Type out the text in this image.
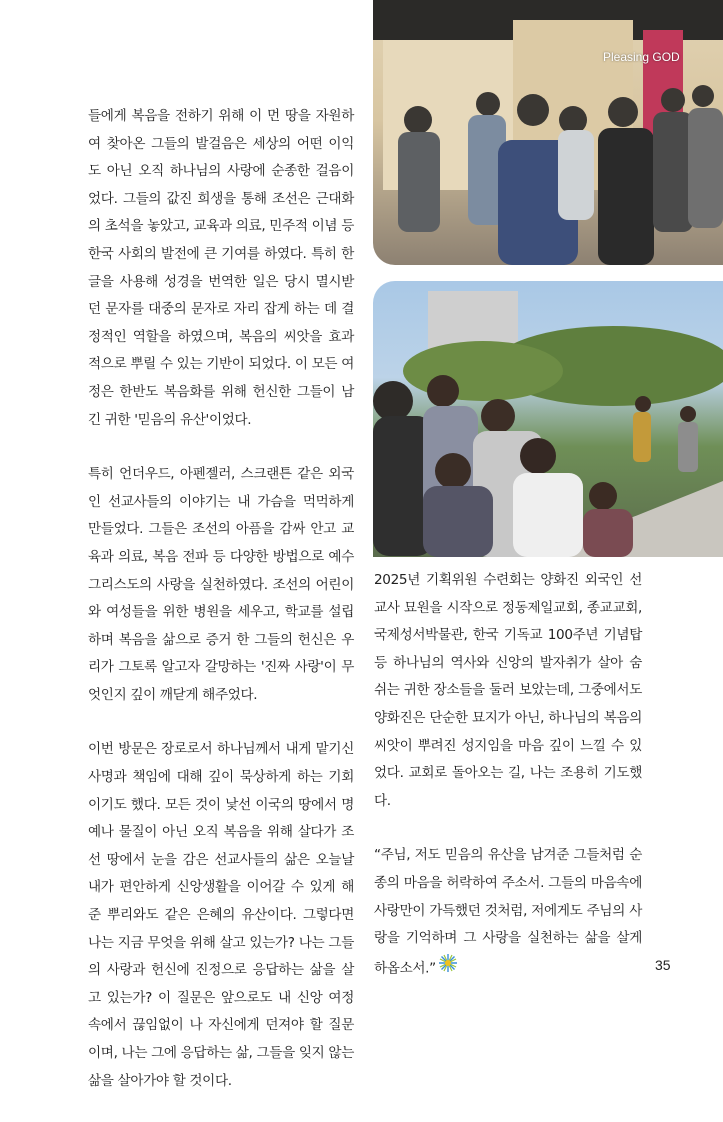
들에게 복음을 전하기 위해 이 먼 땅을 자원하여 찾아온 그들의 발걸음은 세상의 어떤 이익도 아닌 오직 하나님의 사랑에 순종한 걸음이었다. 그들의 값진 희생을 통해 조선은 근대화의 초석을 놓았고, 교육과 의료, 민주적 이념 등 한국 사회의 발전에 큰 기여를 하였다. 특히 한글을 사용해 성경을 번역한 일은 당시 멸시받던 문자를 대중의 문자로 자리 잡게 하는 데 결정적인 역할을 하였으며, 복음의 씨앗을 효과적으로 뿌릴 수 있는 기반이 되었다. 이 모든 여정은 한반도 복음화를 위해 헌신한 그들이 남긴 귀한 '믿음의 유산'이었다.

특히 언더우드, 아펜젤러, 스크랜튼 같은 외국인 선교사들의 이야기는 내 가슴을 먹먹하게 만들었다. 그들은 조선의 아픔을 감싸 안고 교육과 의료, 복음 전파 등 다양한 방법으로 예수 그리스도의 사랑을 실천하였다. 조선의 어린이와 여성들을 위한 병원을 세우고, 학교를 설립하며 복음을 삶으로 증거 한 그들의 헌신은 우리가 그토록 알고자 갈망하는 '진짜 사랑'이 무엇인지 깊이 깨닫게 해주었다.

이번 방문은 장로로서 하나님께서 내게 맡기신 사명과 책임에 대해 깊이 묵상하게 하는 기회이기도 했다. 모든 것이 낯선 이국의 땅에서 명예나 물질이 아닌 오직 복음을 위해 살다가 조선 땅에서 눈을 감은 선교사들의 삶은 오늘날 내가 편안하게 신앙생활을 이어갈 수 있게 해준 뿌리와도 같은 은혜의 유산이다. 그렇다면 나는 지금 무엇을 위해 살고 있는가? 나는 그들의 사랑과 헌신에 진정으로 응답하는 삶을 살고 있는가? 이 질문은 앞으로도 내 신앙 여정 속에서 끊임없이 나 자신에게 던져야 할 질문이며, 나는 그에 응답하는 삶, 그들을 잊지 않는 삶을 살아가야 할 것이다.

Pleasing GOD

2025년 기획위원 수련회는 양화진 외국인 선교사 묘원을 시작으로 정동제일교회, 종교교회, 국제성서박물관, 한국 기독교 100주년 기념탑 등 하나님의 역사와 신앙의 발자취가 살아 숨 쉬는 귀한 장소들을 둘러 보았는데, 그중에서도 양화진은 단순한 묘지가 아닌, 하나님의 복음의 씨앗이 뿌려진 성지임을 마음 깊이 느낄 수 있었다. 교회로 돌아오는 길, 나는 조용히 기도했다.

“주님, 저도 믿음의 유산을 남겨준 그들처럼 순종의 마음을 허락하여 주소서. 그들의 마음속에 사랑만이 가득했던 것처럼, 저에게도 주님의 사랑을 기억하며 그 사랑을 실천하는 삶을 살게 하옵소서.”	35
